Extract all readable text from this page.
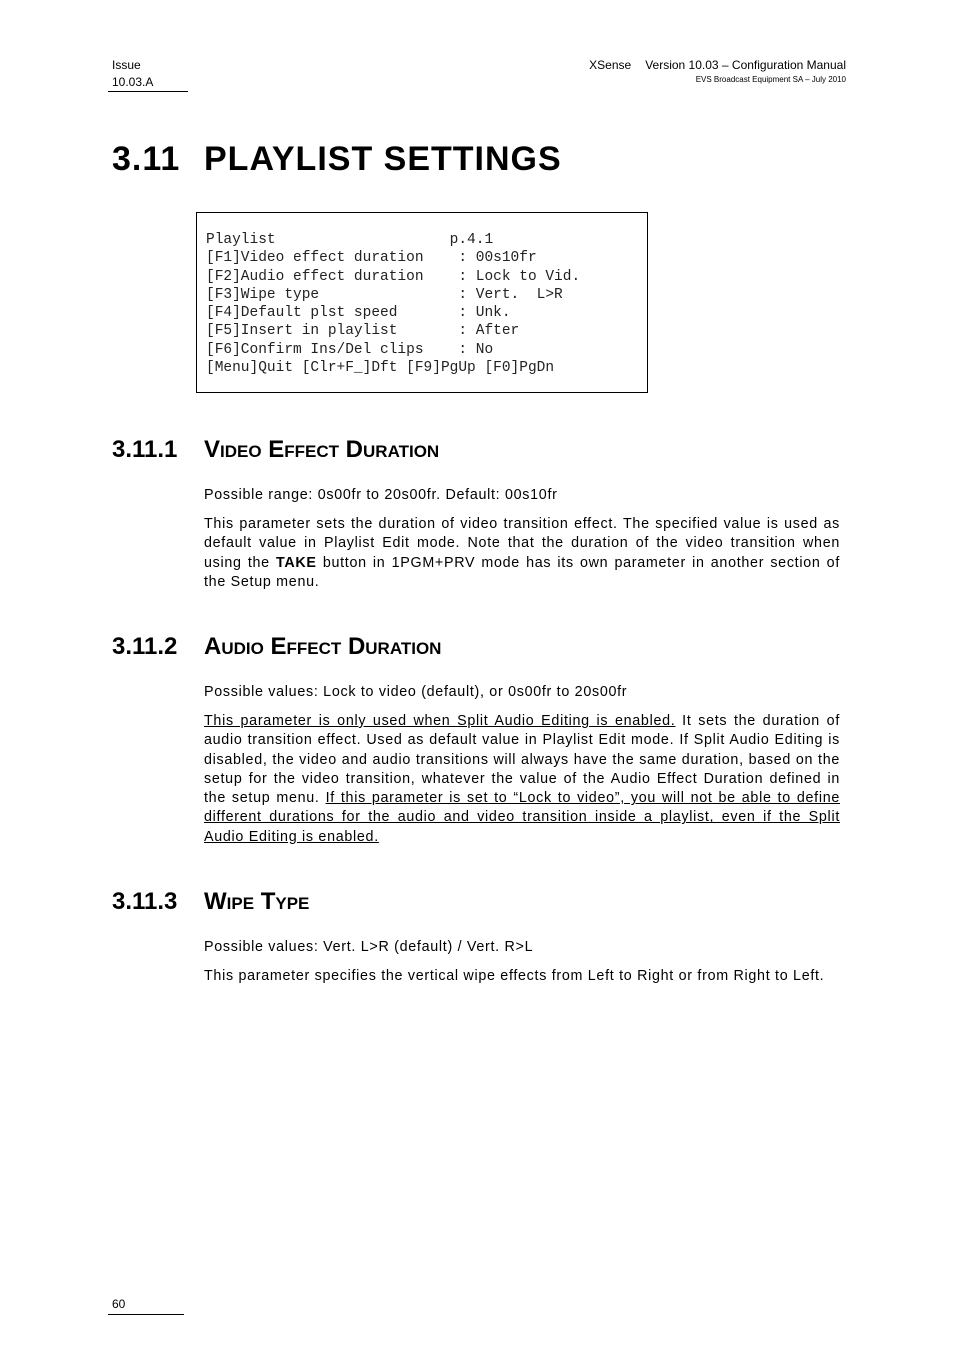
Issue
10.03.A
XSense Version 10.03 – Configuration Manual
EVS Broadcast Equipment SA – July 2010
3.11 PLAYLIST SETTINGS
Playlist                    p.4.1
[F1]Video effect duration    : 00s10fr
[F2]Audio effect duration    : Lock to Vid.
[F3]Wipe type                : Vert.  L>R
[F4]Default plst speed       : Unk.
[F5]Insert in playlist       : After
[F6]Confirm Ins/Del clips    : No
[Menu]Quit [Clr+F_]Dft [F9]PgUp [F0]PgDn
3.11.1 Video Effect Duration

Possible range: 0s00fr to 20s00fr. Default: 00s10fr

This parameter sets the duration of video transition effect. The specified value is used as default value in Playlist Edit mode. Note that the duration of the video transition when using the TAKE button in 1PGM+PRV mode has its own parameter in another section of the Setup menu.

3.11.2 Audio Effect Duration

Possible values: Lock to video (default), or 0s00fr to 20s00fr

This parameter is only used when Split Audio Editing is enabled. It sets the duration of audio transition effect. Used as default value in Playlist Edit mode. If Split Audio Editing is disabled, the video and audio transitions will always have the same duration, based on the setup for the video transition, whatever the value of the Audio Effect Duration defined in the setup menu. If this parameter is set to “Lock to video”, you will not be able to define different durations for the audio and video transition inside a playlist, even if the Split Audio Editing is enabled.

3.11.3 Wipe Type

Possible values: Vert. L>R (default) / Vert. R>L

This parameter specifies the vertical wipe effects from Left to Right or from Right to Left.

60
